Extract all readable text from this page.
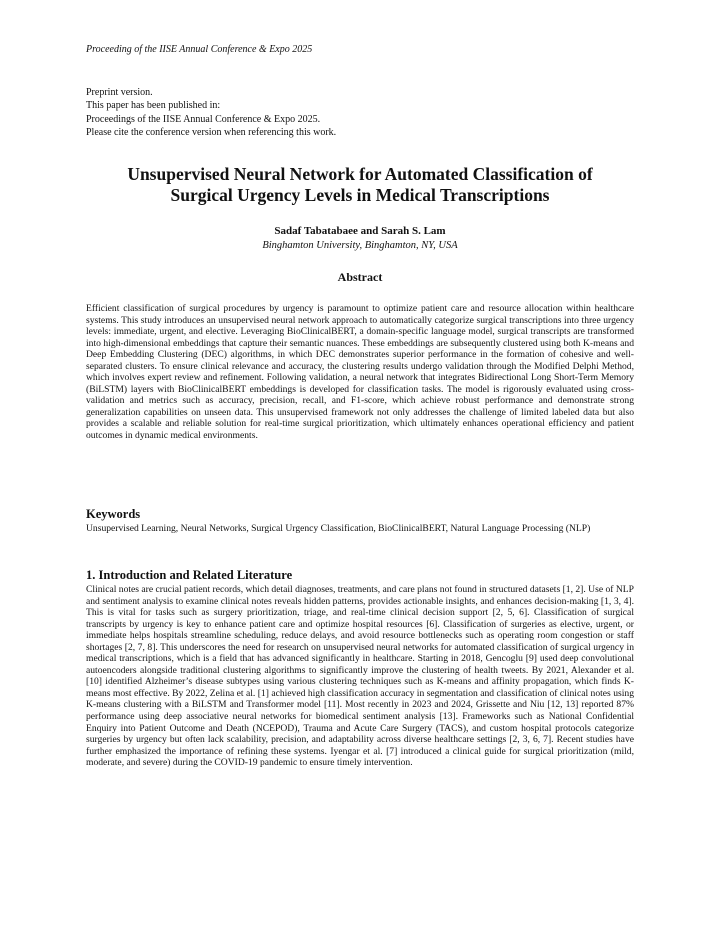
Proceeding of the IISE Annual Conference & Expo 2025
Preprint version.
This paper has been published in:
Proceedings of the IISE Annual Conference & Expo 2025.
Please cite the conference version when referencing this work.
Unsupervised Neural Network for Automated Classification of
Surgical Urgency Levels in Medical Transcriptions
Sadaf Tabatabaee and Sarah S. Lam
Binghamton University, Binghamton, NY, USA
Abstract

Efficient classification of surgical procedures by urgency is paramount to optimize patient care and resource allocation within healthcare systems. This study introduces an unsupervised neural network approach to automatically categorize surgical transcriptions into three urgency levels: immediate, urgent, and elective. Leveraging BioClinicalBERT, a domain-specific language model, surgical transcripts are transformed into high-dimensional embeddings that capture their semantic nuances. These embeddings are subsequently clustered using both K-means and Deep Embedding Clustering (DEC) algorithms, in which DEC demonstrates superior performance in the formation of cohesive and well-separated clusters. To ensure clinical relevance and accuracy, the clustering results undergo validation through the Modified Delphi Method, which involves expert review and refinement. Following validation, a neural network that integrates Bidirectional Long Short-Term Memory (BiLSTM) layers with BioClinicalBERT embeddings is developed for classification tasks. The model is rigorously evaluated using cross-validation and metrics such as accuracy, precision, recall, and F1-score, which achieve robust performance and demonstrate strong generalization capabilities on unseen data. This unsupervised framework not only addresses the challenge of limited labeled data but also provides a scalable and reliable solution for real-time surgical prioritization, which ultimately enhances operational efficiency and patient outcomes in dynamic medical environments.

Keywords

Unsupervised Learning, Neural Networks, Surgical Urgency Classification, BioClinicalBERT, Natural Language Processing (NLP)

1. Introduction and Related Literature

Clinical notes are crucial patient records, which detail diagnoses, treatments, and care plans not found in structured datasets [1, 2]. Use of NLP and sentiment analysis to examine clinical notes reveals hidden patterns, provides actionable insights, and enhances decision-making [1, 3, 4]. This is vital for tasks such as surgery prioritization, triage, and real-time clinical decision support [2, 5, 6]. Classification of surgical transcripts by urgency is key to enhance patient care and optimize hospital resources [6]. Classification of surgeries as elective, urgent, or immediate helps hospitals streamline scheduling, reduce delays, and avoid resource bottlenecks such as operating room congestion or staff shortages [2, 7, 8]. This underscores the need for research on unsupervised neural networks for automated classification of surgical urgency in medical transcriptions, which is a field that has advanced significantly in healthcare. Starting in 2018, Gencoglu [9] used deep convolutional autoencoders alongside traditional clustering algorithms to significantly improve the clustering of health tweets. By 2021, Alexander et al. [10] identified Alzheimer’s disease subtypes using various clustering techniques such as K-means and affinity propagation, which finds K-means most effective. By 2022, Zelina et al. [1] achieved high classification accuracy in segmentation and classification of clinical notes using K-means clustering with a BiLSTM and Transformer model [11]. Most recently in 2023 and 2024, Grissette and Niu [12, 13] reported 87% performance using deep associative neural networks for biomedical sentiment analysis [13]. Frameworks such as National Confidential Enquiry into Patient Outcome and Death (NCEPOD), Trauma and Acute Care Surgery (TACS), and custom hospital protocols categorize surgeries by urgency but often lack scalability, precision, and adaptability across diverse healthcare settings [2, 3, 6, 7]. Recent studies have further emphasized the importance of refining these systems. Iyengar et al. [7] introduced a clinical guide for surgical prioritization (mild, moderate, and severe) during the COVID-19 pandemic to ensure timely intervention.
